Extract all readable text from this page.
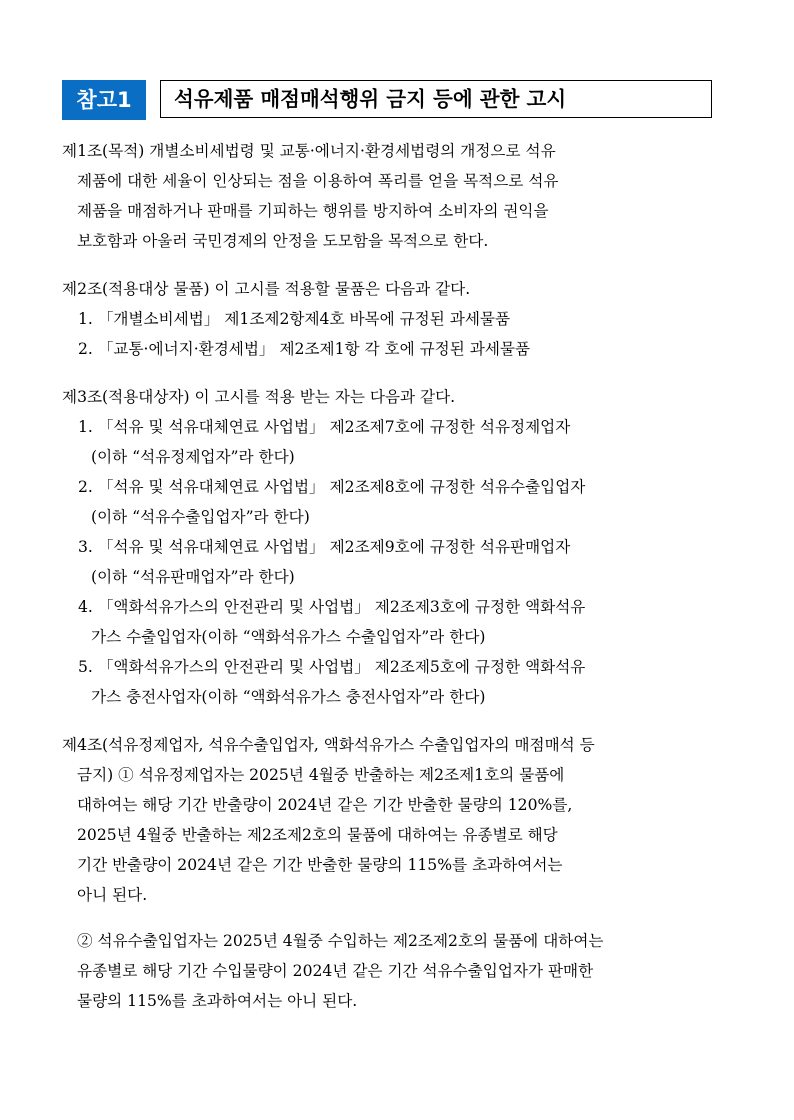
참고1	석유제품 매점매석행위 금지 등에 관한 고시
제1조(목적) 개별소비세법령 및 교통·에너지·환경세법령의 개정으로 석유
제품에 대한 세율이 인상되는 점을 이용하여 폭리를 얻을 목적으로 석유
제품을 매점하거나 판매를 기피하는 행위를 방지하여 소비자의 권익을
보호함과 아울러 국민경제의 안정을 도모함을 목적으로 한다.
제2조(적용대상 물품) 이 고시를 적용할 물품은 다음과 같다.
1. 「개별소비세법」 제1조제2항제4호 바목에 규정된 과세물품
2. 「교통·에너지·환경세법」 제2조제1항 각 호에 규정된 과세물품
제3조(적용대상자) 이 고시를 적용 받는 자는 다음과 같다.
1. 「석유 및 석유대체연료 사업법」 제2조제7호에 규정한 석유정제업자
(이하 “석유정제업자”라 한다)
2. 「석유 및 석유대체연료 사업법」 제2조제8호에 규정한 석유수출입업자
(이하 “석유수출입업자”라 한다)
3. 「석유 및 석유대체연료 사업법」 제2조제9호에 규정한 석유판매업자
(이하 “석유판매업자”라 한다)
4. 「액화석유가스의 안전관리 및 사업법」 제2조제3호에 규정한 액화석유
가스 수출입업자(이하 “액화석유가스 수출입업자”라 한다)
5. 「액화석유가스의 안전관리 및 사업법」 제2조제5호에 규정한 액화석유
가스 충전사업자(이하 “액화석유가스 충전사업자”라 한다)
제4조(석유정제업자, 석유수출입업자, 액화석유가스 수출입업자의 매점매석 등
금지) ① 석유정제업자는 2025년 4월중 반출하는 제2조제1호의 물품에
대하여는 해당 기간 반출량이 2024년 같은 기간 반출한 물량의 120%를,
2025년 4월중 반출하는 제2조제2호의 물품에 대하여는 유종별로 해당
기간 반출량이 2024년 같은 기간 반출한 물량의 115%를 초과하여서는
아니 된다.
② 석유수출입업자는 2025년 4월중 수입하는 제2조제2호의 물품에 대하여는
유종별로 해당 기간 수입물량이 2024년 같은 기간 석유수출입업자가 판매한
물량의 115%를 초과하여서는 아니 된다.
